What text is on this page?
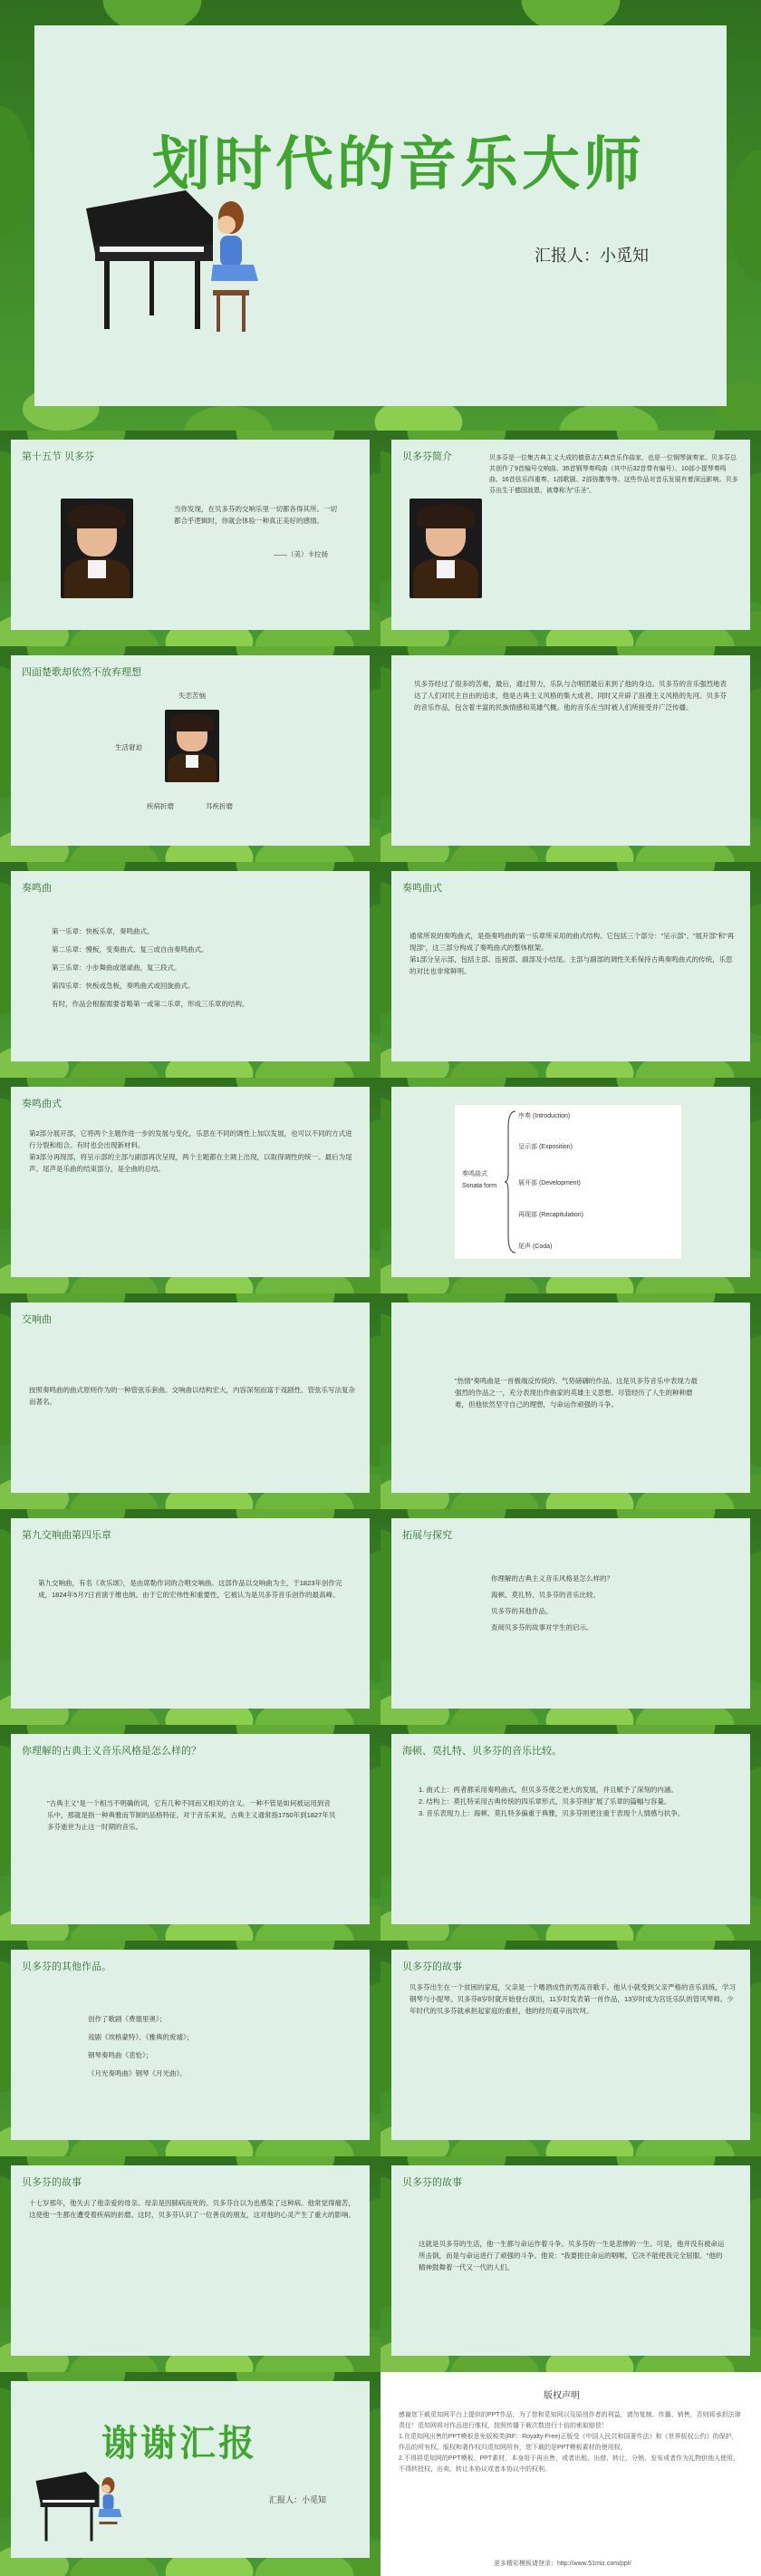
划时代的音乐大师
汇报人：小觅知
第十五节 贝多芬
当你发现，在贝多芬的交响乐里一切都各得其所。一切都合乎逻辑时，你就会体验一种真正美好的感情。
——（美）卡拉扬
贝多芬简介	贝多芬是一位集古典主义大成的德意志古典音乐作曲家，也是一位钢琴演奏家。贝多芬总共创作了9首编号交响曲、35首钢琴奏鸣曲（其中后32首带有编号）、10部小提琴奏鸣曲、16首弦乐四重奏、1部歌剧、2部弥撒等等。这些作品对音乐发展有着深远影响。贝多芬出生于德国波恩，被尊称为"乐圣"。
四面楚歌却依然不放弃理想
失恋苦恼
生活窘迫
疾病折磨	耳疾折磨
贝多芬经过了很多的苦难，最后，通过努力，乐队与合唱团最后来到了他的身边。贝多芬的音乐强烈地表达了人们对民主自由的追求，他是古典主义风格的集大成者，同时又开辟了浪漫主义风格的先河。贝多芬的音乐作品，包含着丰富的民族情感和英雄气概。他的音乐在当时被人们所接受并广泛传播。
奏鸣曲
第一乐章：快板乐章，奏鸣曲式。
第二乐章：慢板，变奏曲式、复三或自由奏鸣曲式。
第三乐章：小步舞曲或谐谑曲，复三段式。
第四乐章：快板或急板，奏鸣曲式或回旋曲式。
有时，作品会根据需要省略第一或第二乐章，形成三乐章的结构。
奏鸣曲式
通常所说的奏鸣曲式，是指奏鸣曲的第一乐章所采用的曲式结构。它包括三个部分："呈示部"、"展开部"和"再现部"，这三部分构成了奏鸣曲式的整体框架。
第1部分呈示部，包括主部、连接部、副部及小结尾。主部与副部的调性关系保持古典奏鸣曲式的传统，乐思的对比也非常鲜明。
奏鸣曲式
第2部分展开部，它将两个主题作进一步的发展与变化，乐思在不同的调性上加以发展，也可以不同的方式进行分裂和组合。有时也会出现新材料。
第3部分再现部，将呈示部的主部与副部再次呈现，两个主题都在主调上出现，以取得调性的统一。最后为尾声。尾声是乐曲的结束部分，是全曲的总结。
奏鸣曲式 Sonata form
序奏 (Introduction)
呈示部 (Exposition)
展开部 (Development)
再现部 (Recapitulation)
尾声 (Coda)
交响曲
按照奏鸣曲的曲式原则作为的一种管弦乐套曲。交响曲以结构宏大，内容深刻而富于戏剧性、管弦乐写法复杂而著名。
"热情"奏鸣曲是一首极端反传统的、气势磅礴的作品。这是贝多芬音乐中表现力最强烈的作品之一，充分表现出作曲家的英雄主义思想。尽管经历了人生的种种磨难，但他依然坚守自己的理想，与命运作顽强的斗争。
第九交响曲第四乐章
第九交响曲，有名《欢乐颂》，是由席勒作词的合唱交响曲。这部作品以交响曲为主，于1823年创作完成，1824年5月7日首演于维也纳。由于它的宏伟性和重要性，它被认为是贝多芬音乐创作的最高峰。
拓展与探究
你理解的古典主义音乐风格是怎么样的？
海顿、莫扎特、贝多芬的音乐比较。
贝多芬的其他作品。
查阅贝多芬的故事对学生的启示。
你理解的古典主义音乐风格是怎么样的？
"古典主义"是一个相当不明确的词，它有几种不同而又相关的含义。一种不管是如何被运用到音乐中，那就是指一种典雅而节制的品格特征。对于音乐来说，古典主义通常指1750年到1827年贝多芬逝世为止这一时期的音乐。
海顿、莫扎特、贝多芬的音乐比较。
1. 曲式上：两者都采用奏鸣曲式，但贝多芬使之更大的发展，并且赋予了深刻的内涵。
2. 结构上：莫扎特采用古典传统的四乐章形式，贝多芬则扩展了乐章的篇幅与容量。
3. 音乐表现力上：海顿、莫扎特多偏重于典雅，贝多芬则更注重于表现个人情感与抗争。
贝多芬的其他作品。
创作了歌剧《费德里奥》；
戏剧《埃格蒙特》、《雅典的废墟》；
钢琴奏鸣曲《悲怆》；
《月光奏鸣曲》钢琴《月光曲》。
贝多芬的故事
贝多芬出生在一个贫困的家庭，父亲是一个嗜酒成性的男高音歌手。他从小就受到父亲严格的音乐训练，学习钢琴与小提琴。贝多芬8岁时就开始登台演出，11岁时发表第一首作品，13岁时成为宫廷乐队的管风琴师。少年时代的贝多芬就承担起家庭的重担，他的经历艰辛而坎坷。
贝多芬的故事
十七岁那年，他失去了他亲爱的母亲。母亲是因肺病而死的。贝多芬自以为也感染了这种病。他常觉得痛苦，这使他一生都在遭受着疾病的折磨。这时，贝多芬认识了一位善良的朋友，这对他的心灵产生了重大的影响。
贝多芬的故事
这就是贝多芬的生活，他一生都与命运作着斗争。贝多芬的一生是悲惨的一生。可是，他并没有被命运所击倒，而是与命运进行了顽强的斗争。他说："我要扼住命运的咽喉，它决不能使我完全屈服。"他的精神鼓舞着一代又一代的人们。
谢谢汇报
汇报人：小觅知
版权声明
感谢您下载觅知网平台上提供的PPT作品，为了您和觅知网以及原创作者的利益，请勿复制、传播、销售，否则将承担法律责任！觅知网将对作品进行维权，按照传播下载次数进行十倍的索取赔偿！
1.在觅知网出售的PPT模板是免版税类(RF：Royalty-Free)正版受《中国人民共和国著作法》和《世界版权公约》的保护，作品的所有权、版权和著作权归觅知网所有，您下载的是PPT模板素材的使用权。
2.不得将觅知网的PPT模板、PPT素材，本身用于再出售，或者出租、出借、转让、分销、发布或者作为礼物供他人使用，不得转授权、出卖、转让本协议或者本协议中的权利。
更多精彩模板请登录：http://www.51miz.com/ppt/
